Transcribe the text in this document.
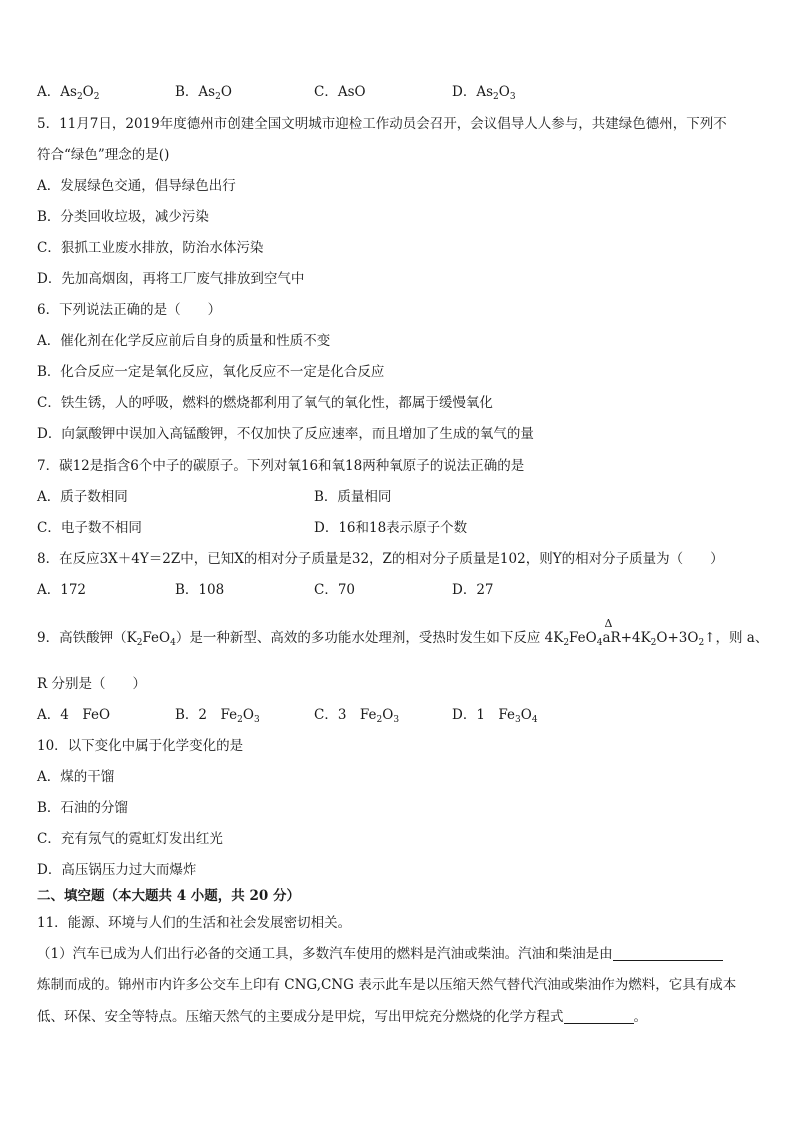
A．$As_2O_2$	B．$As_2O$	C．AsO	D．$As_2O_3$
5．11月7日，2019年度德州市创建全国文明城市迎检工作动员会召开，会议倡导人人参与，共建绿色德州，下列不
符合“绿色”理念的是()
A．发展绿色交通，倡导绿色出行
B．分类回收垃圾，减少污染
C．狠抓工业废水排放，防治水体污染
D．先加高烟囱，再将工厂废气排放到空气中
6．下列说法正确的是（　　）
A．催化剂在化学反应前后自身的质量和性质不变
B．化合反应一定是氧化反应，氧化反应不一定是化合反应
C．铁生锈，人的呼吸，燃料的燃烧都利用了氧气的氧化性，都属于缓慢氧化
D．向氯酸钾中误加入高锰酸钾，不仅加快了反应速率，而且增加了生成的氧气的量
7．碳12是指含6个中子的碳原子。下列对氧16和氧18两种氧原子的说法正确的是
A．质子数相同	B．质量相同
C．电子数不相同	D．16和18表示原子个数
8．在反应3X＋4Y＝2Z中，已知X的相对分子质量是32，Z的相对分子质量是102，则Y的相对分子质量为（　　）
A．172	B．108	C．70	D．27
9．高铁酸钾$(K_2FeO_4)$是一种新型、高效的多功能水处理剂，受热时发生如下反应 $4K_2FeO_4$
Δ
$aR+4K_2O+3O_2↑$，则 a、
R 分别是（　　）
A．4　FeO	B．2　$Fe_2O_3$	C．3　$Fe_2O_3$	D．1　$Fe_3O_4$
10．以下变化中属于化学变化的是
A．煤的干馏
B．石油的分馏
C．充有氖气的霓虹灯发出红光
D．高压锅压力过大而爆炸
二、填空题（本大题共 4 小题，共 20 分）
11．能源、环境与人们的生活和社会发展密切相关。
（1）汽车已成为人们出行必备的交通工具，多数汽车使用的燃料是汽油或柴油。汽油和柴油是由
炼制而成的。锦州市内许多公交车上印有 CNG,CNG 表示此车是以压缩天然气替代汽油或柴油作为燃料，它具有成本
低、环保、安全等特点。压缩天然气的主要成分是甲烷，写出甲烷充分燃烧的化学方程式	。
